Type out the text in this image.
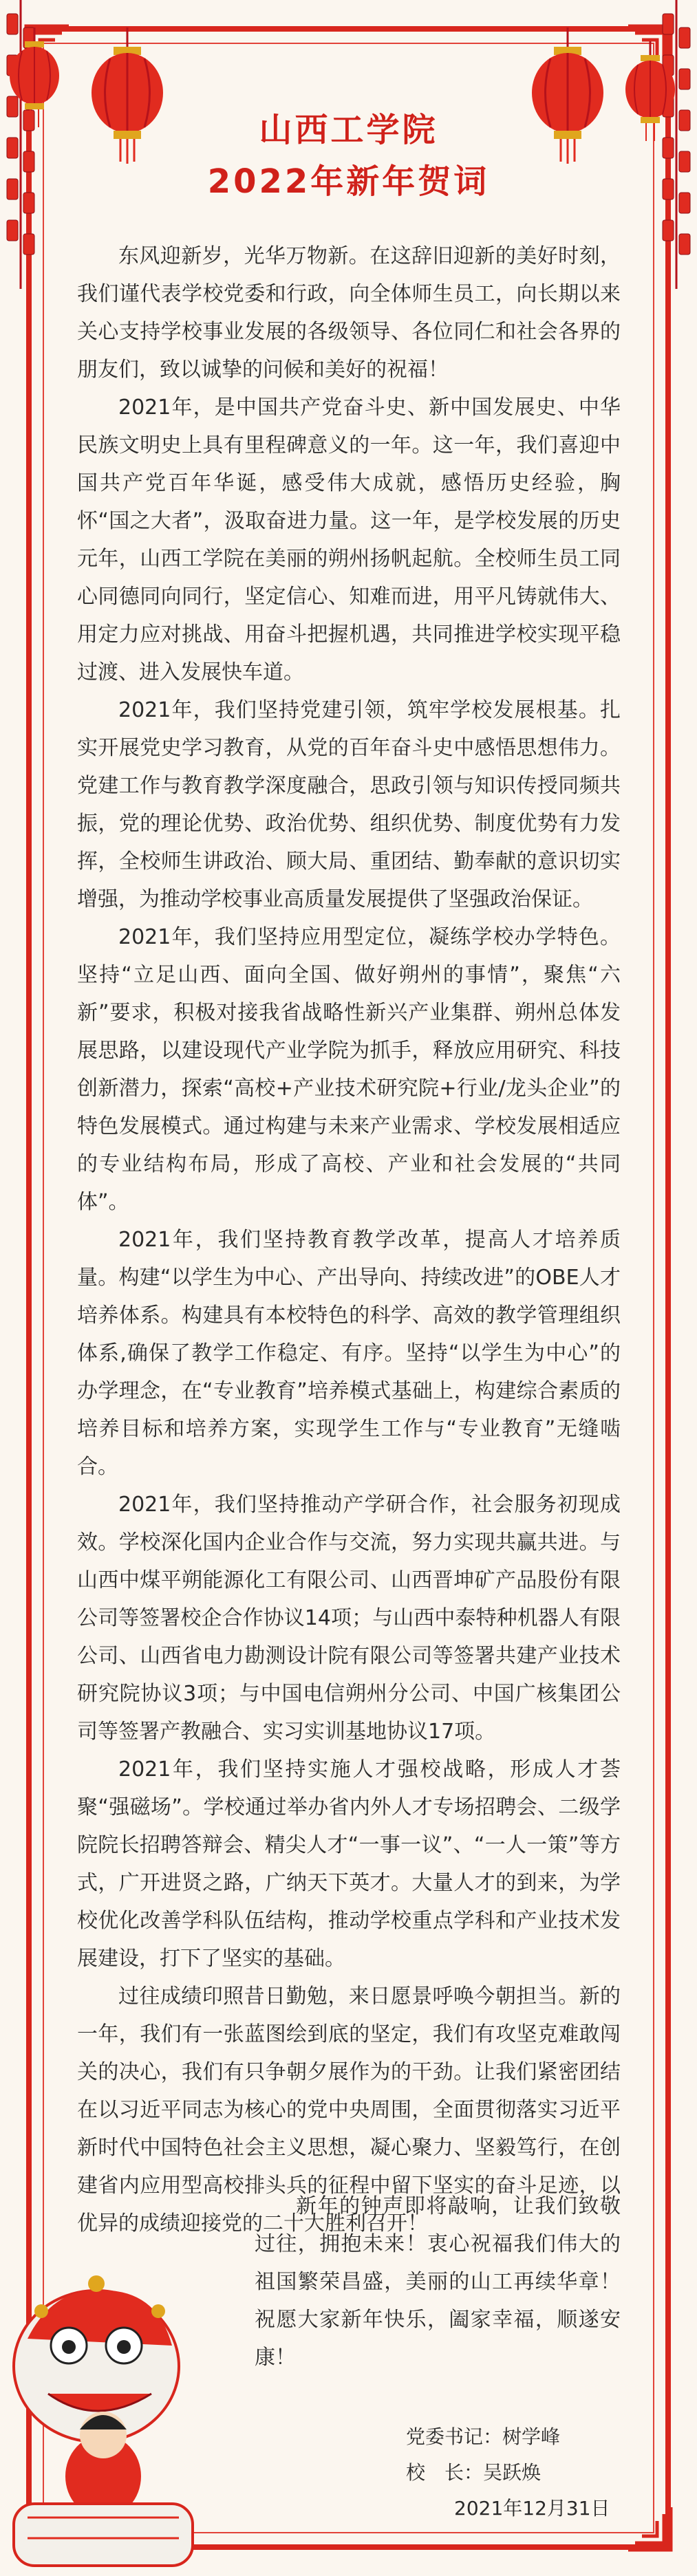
山西工学院
2022年新年贺词

东风迎新岁，光华万物新。在这辞旧迎新的美好时刻，我们谨代表学校党委和行政，向全体师生员工，向长期以来关心支持学校事业发展的各级领导、各位同仁和社会各界的朋友们，致以诚挚的问候和美好的祝福！

2021年，是中国共产党奋斗史、新中国发展史、中华民族文明史上具有里程碑意义的一年。这一年，我们喜迎中国共产党百年华诞，感受伟大成就，感悟历史经验，胸怀“国之大者”，汲取奋进力量。这一年，是学校发展的历史元年，山西工学院在美丽的朔州扬帆起航。全校师生员工同心同德同向同行，坚定信心、知难而进，用平凡铸就伟大、用定力应对挑战、用奋斗把握机遇，共同推进学校实现平稳过渡、进入发展快车道。

2021年，我们坚持党建引领，筑牢学校发展根基。扎实开展党史学习教育，从党的百年奋斗史中感悟思想伟力。党建工作与教育教学深度融合，思政引领与知识传授同频共振，党的理论优势、政治优势、组织优势、制度优势有力发挥，全校师生讲政治、顾大局、重团结、勤奉献的意识切实增强，为推动学校事业高质量发展提供了坚强政治保证。

2021年，我们坚持应用型定位，凝练学校办学特色。坚持“立足山西、面向全国、做好朔州的事情”，聚焦“六新”要求，积极对接我省战略性新兴产业集群、朔州总体发展思路，以建设现代产业学院为抓手，释放应用研究、科技创新潜力，探索“高校+产业技术研究院+行业/龙头企业”的特色发展模式。通过构建与未来产业需求、学校发展相适应的专业结构布局，形成了高校、产业和社会发展的“共同体”。

2021年，我们坚持教育教学改革，提高人才培养质量。构建“以学生为中心、产出导向、持续改进”的OBE人才培养体系。构建具有本校特色的科学、高效的教学管理组织体系,确保了教学工作稳定、有序。坚持“以学生为中心”的办学理念，在“专业教育”培养模式基础上，构建综合素质的培养目标和培养方案，实现学生工作与“专业教育”无缝啮合。

2021年，我们坚持推动产学研合作，社会服务初现成效。学校深化国内企业合作与交流，努力实现共赢共进。与山西中煤平朔能源化工有限公司、山西晋坤矿产品股份有限公司等签署校企合作协议14项；与山西中泰特种机器人有限公司、山西省电力勘测设计院有限公司等签署共建产业技术研究院协议3项；与中国电信朔州分公司、中国广核集团公司等签署产教融合、实习实训基地协议17项。

2021年，我们坚持实施人才强校战略，形成人才荟聚“强磁场”。学校通过举办省内外人才专场招聘会、二级学院院长招聘答辩会、精尖人才“一事一议”、“一人一策”等方式，广开进贤之路，广纳天下英才。大量人才的到来，为学校优化改善学科队伍结构，推动学校重点学科和产业技术发展建设，打下了坚实的基础。

过往成绩印照昔日勤勉，来日愿景呼唤今朝担当。新的一年，我们有一张蓝图绘到底的坚定，我们有攻坚克难敢闯关的决心，我们有只争朝夕展作为的干劲。让我们紧密团结在以习近平同志为核心的党中央周围，全面贯彻落实习近平新时代中国特色社会主义思想，凝心聚力、坚毅笃行，在创建省内应用型高校排头兵的征程中留下坚实的奋斗足迹，以优异的成绩迎接党的二十大胜利召开！

新年的钟声即将敲响，让我们致敬过往，拥抱未来！衷心祝福我们伟大的祖国繁荣昌盛，美丽的山工再续华章！祝愿大家新年快乐，阖家幸福，顺遂安康！

党委书记：树学峰
校　长：吴跃焕
2021年12月31日
